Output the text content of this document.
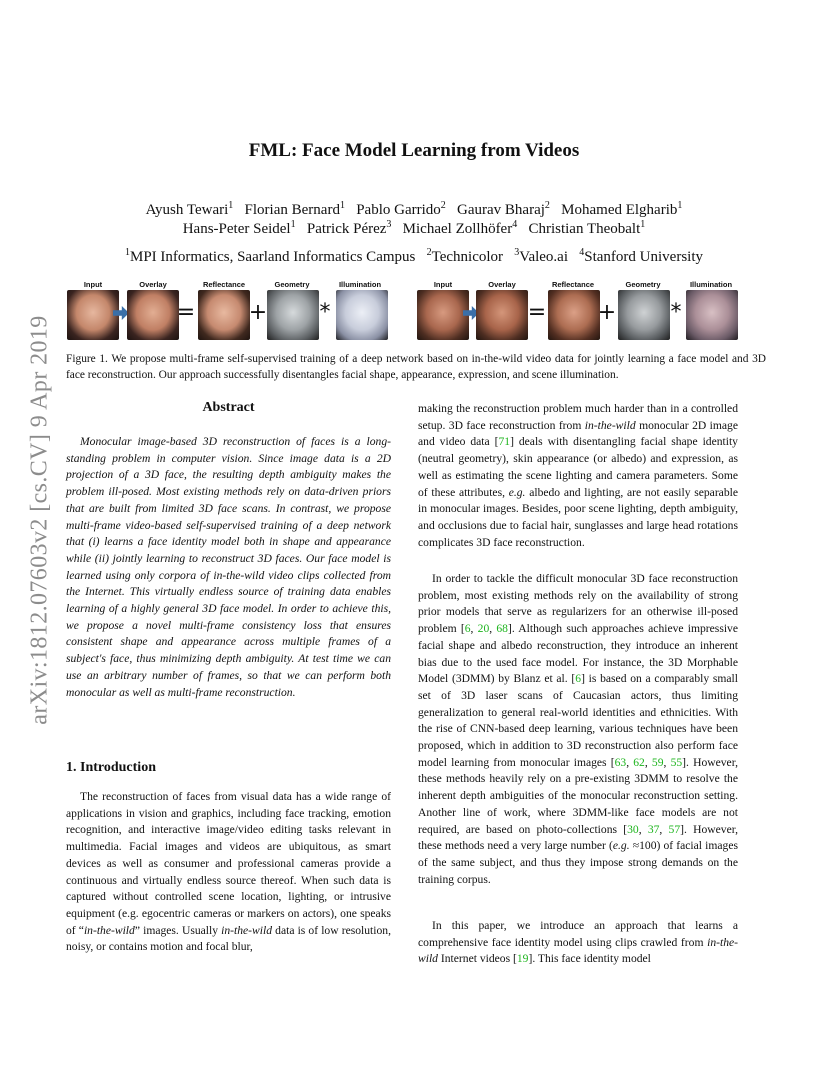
arXiv:1812.07603v2 [cs.CV] 9 Apr 2019
FML: Face Model Learning from Videos
Ayush Tewari$^1$ Florian Bernard$^1$ Pablo Garrido$^2$ Gaurav Bharaj$^2$ Mohamed Elgharib$^1$
Hans-Peter Seidel$^1$ Patrick Pérez$^3$ Michael Zollhöfer$^4$ Christian Theobalt$^1$
$^1$MPI Informatics, Saarland Informatics Campus $^2$Technicolor $^3$Valeo.ai $^4$Stanford University
Input	Overlay	Reflectance	Geometry	Illumination	Input	Overlay	Reflectance	Geometry	Illumination
= + *	= + *
Figure 1. We propose multi-frame self-supervised training of a deep network based on in-the-wild video data for jointly learning a face model and 3D face reconstruction. Our approach successfully disentangles facial shape, appearance, expression, and scene illumination.
Abstract
Monocular image-based 3D reconstruction of faces is a long-standing problem in computer vision. Since image data is a 2D projection of a 3D face, the resulting depth ambiguity makes the problem ill-posed. Most existing methods rely on data-driven priors that are built from limited 3D face scans. In contrast, we propose multi-frame video-based self-supervised training of a deep network that (i) learns a face identity model both in shape and appearance while (ii) jointly learning to reconstruct 3D faces. Our face model is learned using only corpora of in-the-wild video clips collected from the Internet. This virtually endless source of training data enables learning of a highly general 3D face model. In order to achieve this, we propose a novel multi-frame consistency loss that ensures consistent shape and appearance across multiple frames of a subject's face, thus minimizing depth ambiguity. At test time we can use an arbitrary number of frames, so that we can perform both monocular as well as multi-frame reconstruction.
1. Introduction
The reconstruction of faces from visual data has a wide range of applications in vision and graphics, including face tracking, emotion recognition, and interactive image/video editing tasks relevant in multimedia. Facial images and videos are ubiquitous, as smart devices as well as consumer and professional cameras provide a continuous and virtually endless source thereof. When such data is captured without controlled scene location, lighting, or intrusive equipment (e.g. egocentric cameras or markers on actors), one speaks of “in-the-wild” images. Usually in-the-wild data is of low resolution, noisy, or contains motion and focal blur,
making the reconstruction problem much harder than in a controlled setup. 3D face reconstruction from in-the-wild monocular 2D image and video data [71] deals with disentangling facial shape identity (neutral geometry), skin appearance (or albedo) and expression, as well as estimating the scene lighting and camera parameters. Some of these attributes, e.g. albedo and lighting, are not easily separable in monocular images. Besides, poor scene lighting, depth ambiguity, and occlusions due to facial hair, sunglasses and large head rotations complicates 3D face reconstruction.
In order to tackle the difficult monocular 3D face reconstruction problem, most existing methods rely on the availability of strong prior models that serve as regularizers for an otherwise ill-posed problem [6, 20, 68]. Although such approaches achieve impressive facial shape and albedo reconstruction, they introduce an inherent bias due to the used face model. For instance, the 3D Morphable Model (3DMM) by Blanz et al. [6] is based on a comparably small set of 3D laser scans of Caucasian actors, thus limiting generalization to general real-world identities and ethnicities. With the rise of CNN-based deep learning, various techniques have been proposed, which in addition to 3D reconstruction also perform face model learning from monocular images [63, 62, 59, 55]. However, these methods heavily rely on a pre-existing 3DMM to resolve the inherent depth ambiguities of the monocular reconstruction setting. Another line of work, where 3DMM-like face models are not required, are based on photo-collections [30, 37, 57]. However, these methods need a very large number (e.g. ≈100) of facial images of the same subject, and thus they impose strong demands on the training corpus.
In this paper, we introduce an approach that learns a comprehensive face identity model using clips crawled from in-the-wild Internet videos [19]. This face identity model
